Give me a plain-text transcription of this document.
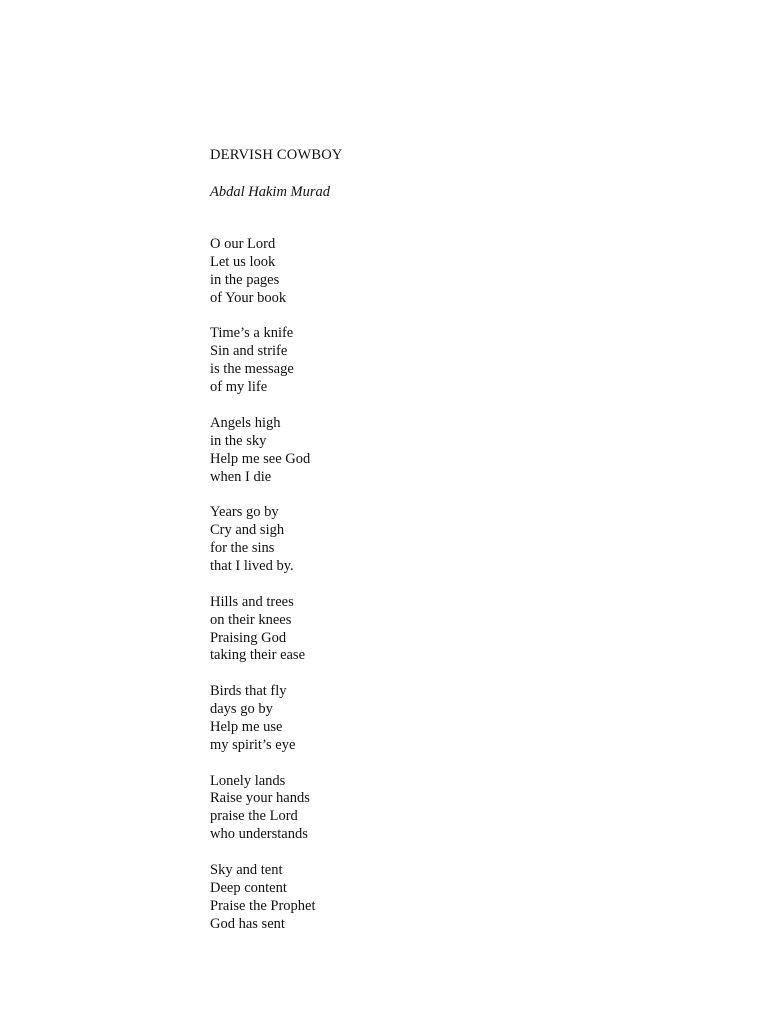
DERVISH COWBOY

Abdal Hakim Murad

O our Lord
Let us look
in the pages
of Your book
Time’s a knife
Sin and strife
is the message
of my life
Angels high
in the sky
Help me see God
when I die
Years go by
Cry and sigh
for the sins
that I lived by.
Hills and trees
on their knees
Praising God
taking their ease
Birds that fly
days go by
Help me use
my spirit’s eye
Lonely lands
Raise your hands
praise the Lord
who understands
Sky and tent
Deep content
Praise the Prophet
God has sent
